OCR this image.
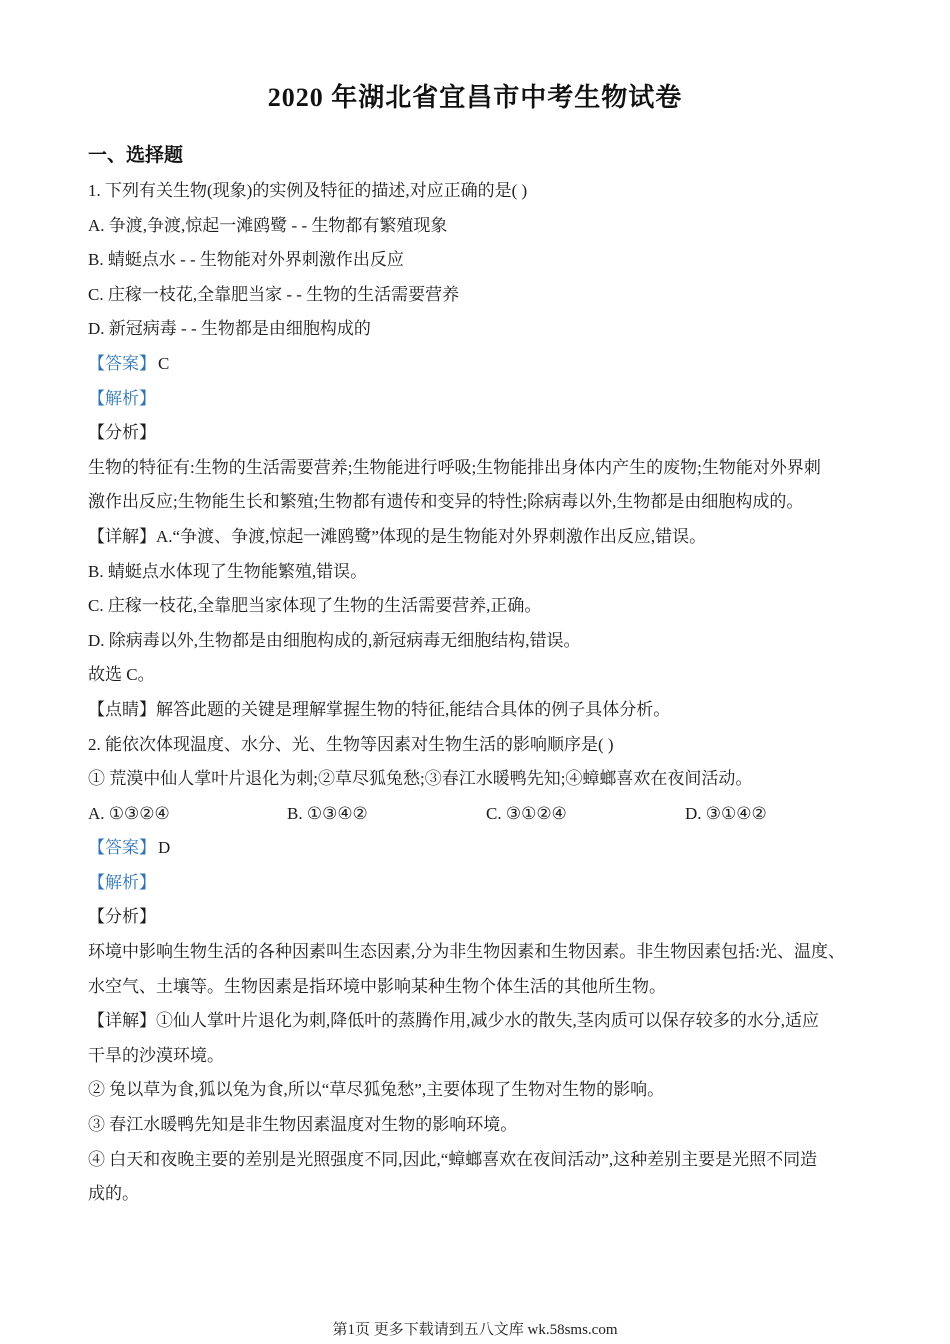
2020 年湖北省宜昌市中考生物试卷
一、选择题

1. 下列有关生物(现象)的实例及特征的描述,对应正确的是( )

A. 争渡,争渡,惊起一滩鸥鹭 - - 生物都有繁殖现象

B. 蜻蜓点水 - - 生物能对外界刺激作出反应

C. 庄稼一枝花,全靠肥当家 - - 生物的生活需要营养

D. 新冠病毒 - - 生物都是由细胞构成的

【答案】 C

【解析】

【分析】

生物的特征有:生物的生活需要营养;生物能进行呼吸;生物能排出身体内产生的废物;生物能对外界刺

激作出反应;生物能生长和繁殖;生物都有遗传和变异的特性;除病毒以外,生物都是由细胞构成的。

【详解】A.“争渡、争渡,惊起一滩鸥鹭”体现的是生物能对外界刺激作出反应,错误。

B. 蜻蜓点水体现了生物能繁殖,错误。

C. 庄稼一枝花,全靠肥当家体现了生物的生活需要营养,正确。

D. 除病毒以外,生物都是由细胞构成的,新冠病毒无细胞结构,错误。

故选 C。

【点睛】解答此题的关键是理解掌握生物的特征,能结合具体的例子具体分析。

2. 能依次体现温度、水分、光、生物等因素对生物生活的影响顺序是( )

① 荒漠中仙人掌叶片退化为刺;②草尽狐兔愁;③春江水暖鸭先知;④蟑螂喜欢在夜间活动。

A. ①③②④	B. ①③④②	C. ③①②④	D. ③①④②

【答案】 D

【解析】

【分析】

环境中影响生物生活的各种因素叫生态因素,分为非生物因素和生物因素。非生物因素包括:光、温度、

水空气、土壤等。生物因素是指环境中影响某种生物个体生活的其他所生物。

【详解】①仙人掌叶片退化为刺,降低叶的蒸腾作用,减少水的散失,茎肉质可以保存较多的水分,适应

干旱的沙漠环境。

② 兔以草为食,狐以兔为食,所以“草尽狐兔愁”,主要体现了生物对生物的影响。

③ 春江水暖鸭先知是非生物因素温度对生物的影响环境。

④ 白天和夜晚主要的差别是光照强度不同,因此,“蟑螂喜欢在夜间活动”,这种差别主要是光照不同造

成的。

第1页 更多下载请到五八文库 wk.58sms.com
